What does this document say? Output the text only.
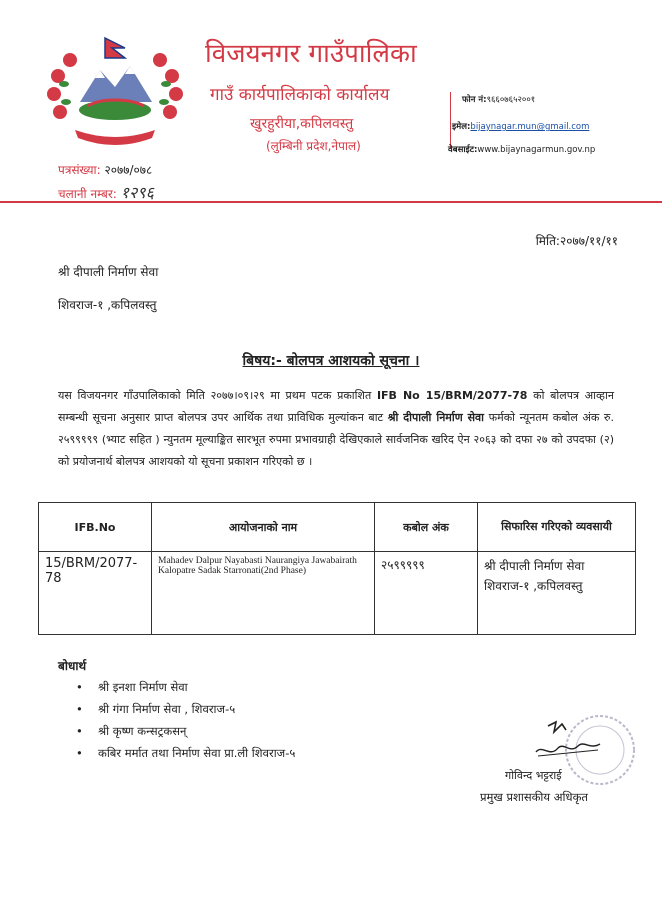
विजयनगर गाउँपालिका
गाउँ कार्यपालिकाको कार्यालय
खुरहुरीया,कपिलवस्तु
(लुम्बिनी प्रदेश,नेपाल)
फोन नं:९६६०७६५२००१
इमेल:bijaynagar.mun@gmail.com
वेबसाईट:www.bijaynagarmun.gov.np
पत्रसंख्या: २०७७/०७८
चलानी नम्बर: १२९६
मिति:२०७७/११/११
श्री दीपाली निर्माण सेवा
शिवराज-१ ,कपिलवस्तु
बिषय:- बोलपत्र आशयको सूचना ।
यस विजयनगर गाँउपालिकाको मिति २०७७।०९।२९ मा प्रथम पटक प्रकाशित IFB No 15/BRM/2077-78 को बोलपत्र आव्हान सम्बन्धी सूचना अनुसार प्राप्त बोलपत्र उपर आर्थिक तथा प्राविधिक मुल्यांकन बाट श्री दीपाली निर्माण सेवा फर्मको न्यूनतम कबोल अंक रु. २५९९९९९ (भ्याट सहित ) न्युनतम मूल्याङ्कित सारभूत रुपमा प्रभावग्राही देखिएकाले सार्वजनिक खरिद ऐन २०६३ को दफा २७ को उपदफा (२) को प्रयोजनार्थ बोलपत्र आशयको यो सूचना प्रकाशन गरिएको छ ।
IFB.No	आयोजनाको नाम	कबोल अंक	सिफारिस गरिएको व्यवसायी
15/BRM/2077-78	Mahadev Dalpur Nayabasti Naurangiya Jawabairath Kalopatre Sadak Starronati(2nd Phase)	२५९९९९९	श्री दीपाली निर्माण सेवा
शिवराज-१ ,कपिलवस्तु
बोधार्थ
• श्री इनशा निर्माण सेवा
• श्री गंगा निर्माण सेवा , शिवराज-५
• श्री कृष्ण कन्सट्रकसन्
• कबिर मर्मात तथा निर्माण सेवा प्रा.ली शिवराज-५
गोविन्द भट्टराई
प्रमुख प्रशासकीय अधिकृत
